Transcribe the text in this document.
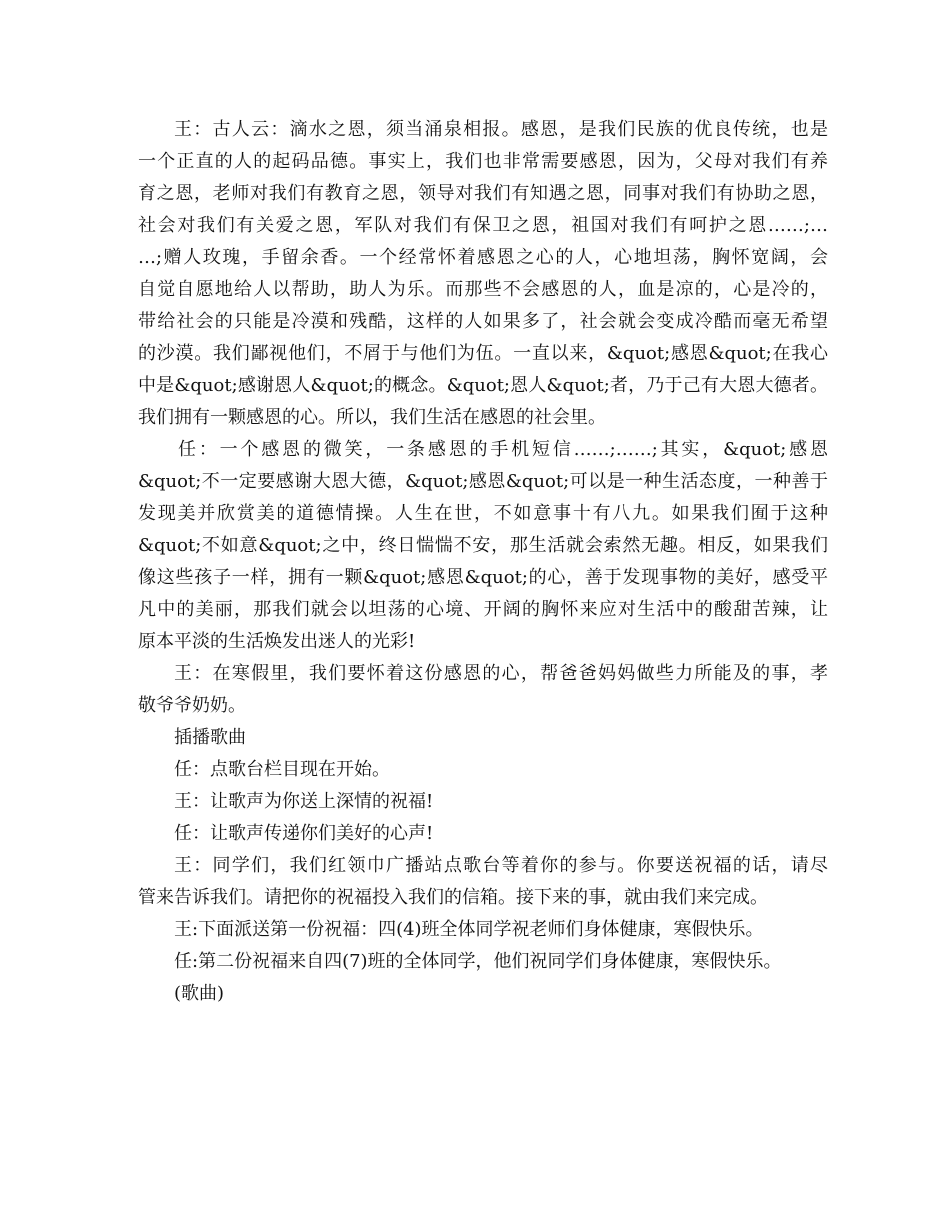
王：古人云：滴水之恩，须当涌泉相报。感恩，是我们民族的优良传统，也是
一个正直的人的起码品德。事实上，我们也非常需要感恩，因为，父母对我们有养
育之恩，老师对我们有教育之恩，领导对我们有知遇之恩，同事对我们有协助之恩，
社会对我们有关爱之恩，军队对我们有保卫之恩，祖国对我们有呵护之恩……;…
…;赠人玫瑰，手留余香。一个经常怀着感恩之心的人，心地坦荡，胸怀宽阔，会
自觉自愿地给人以帮助，助人为乐。而那些不会感恩的人，血是凉的，心是冷的，
带给社会的只能是冷漠和残酷，这样的人如果多了，社会就会变成冷酷而毫无希望
的沙漠。我们鄙视他们，不屑于与他们为伍。一直以来，&quot;感恩&quot;在我心
中是&quot;感谢恩人&quot;的概念。&quot;恩人&quot;者，乃于己有大恩大德者。
我们拥有一颗感恩的心。所以，我们生活在感恩的社会里。
任：一个感恩的微笑，一条感恩的手机短信……;……;其实，&quot;感恩
&quot;不一定要感谢大恩大德，&quot;感恩&quot;可以是一种生活态度，一种善于
发现美并欣赏美的道德情操。人生在世，不如意事十有八九。如果我们囿于这种
&quot;不如意&quot;之中，终日惴惴不安，那生活就会索然无趣。相反，如果我们
像这些孩子一样，拥有一颗&quot;感恩&quot;的心，善于发现事物的美好，感受平
凡中的美丽，那我们就会以坦荡的心境、开阔的胸怀来应对生活中的酸甜苦辣，让
原本平淡的生活焕发出迷人的光彩!
王：在寒假里，我们要怀着这份感恩的心，帮爸爸妈妈做些力所能及的事，孝
敬爷爷奶奶。
插播歌曲
任：点歌台栏目现在开始。
王：让歌声为你送上深情的祝福!
任：让歌声传递你们美好的心声!
王：同学们，我们红领巾广播站点歌台等着你的参与。你要送祝福的话，请尽
管来告诉我们。请把你的祝福投入我们的信箱。接下来的事，就由我们来完成。
王:下面派送第一份祝福：四(4)班全体同学祝老师们身体健康，寒假快乐。
任:第二份祝福来自四(7)班的全体同学，他们祝同学们身体健康，寒假快乐。
(歌曲)
